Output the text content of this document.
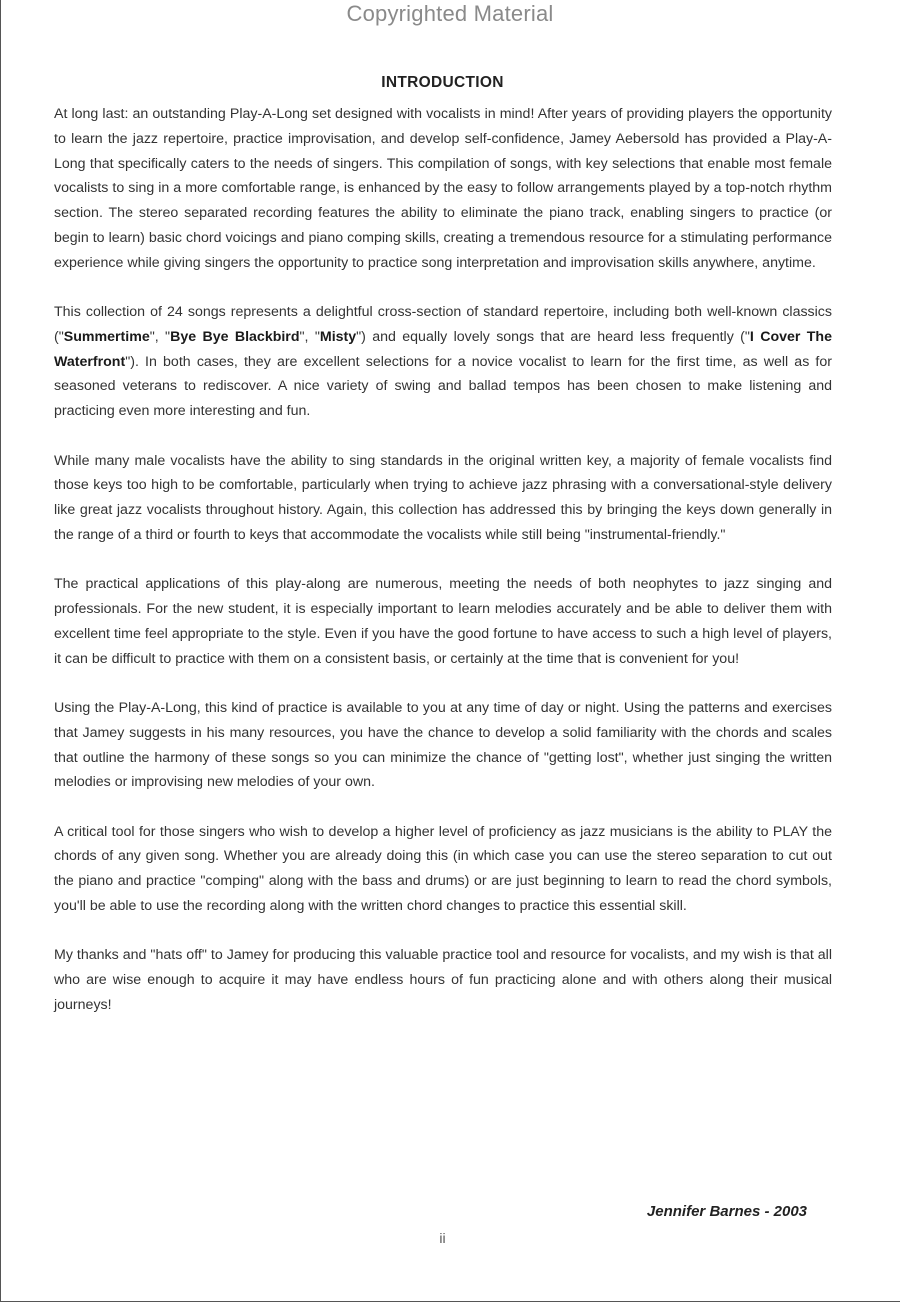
Copyrighted Material
INTRODUCTION

At long last: an outstanding Play-A-Long set designed with vocalists in mind! After years of providing players the opportunity to learn the jazz repertoire, practice improvisation, and develop self-confidence, Jamey Aebersold has provided a Play-A-Long that specifically caters to the needs of singers. This compilation of songs, with key selections that enable most female vocalists to sing in a more comfortable range, is enhanced by the easy to follow arrangements played by a top-notch rhythm section. The stereo separated recording features the ability to eliminate the piano track, enabling singers to practice (or begin to learn) basic chord voicings and piano comping skills, creating a tremendous resource for a stimulating performance experience while giving singers the opportunity to practice song interpretation and improvisation skills anywhere, anytime.

This collection of 24 songs represents a delightful cross-section of standard repertoire, including both well-known classics ("Summertime", "Bye Bye Blackbird", "Misty") and equally lovely songs that are heard less frequently ("I Cover The Waterfront"). In both cases, they are excellent selections for a novice vocalist to learn for the first time, as well as for seasoned veterans to rediscover. A nice variety of swing and ballad tempos has been chosen to make listening and practicing even more interesting and fun.

While many male vocalists have the ability to sing standards in the original written key, a majority of female vocalists find those keys too high to be comfortable, particularly when trying to achieve jazz phrasing with a conversational-style delivery like great jazz vocalists throughout history. Again, this collection has addressed this by bringing the keys down generally in the range of a third or fourth to keys that accommodate the vocalists while still being "instrumental-friendly."

The practical applications of this play-along are numerous, meeting the needs of both neophytes to jazz singing and professionals. For the new student, it is especially important to learn melodies accurately and be able to deliver them with excellent time feel appropriate to the style. Even if you have the good fortune to have access to such a high level of players, it can be difficult to practice with them on a consistent basis, or certainly at the time that is convenient for you!

Using the Play-A-Long, this kind of practice is available to you at any time of day or night. Using the patterns and exercises that Jamey suggests in his many resources, you have the chance to develop a solid familiarity with the chords and scales that outline the harmony of these songs so you can minimize the chance of "getting lost", whether just singing the written melodies or improvising new melodies of your own.

A critical tool for those singers who wish to develop a higher level of proficiency as jazz musicians is the ability to PLAY the chords of any given song. Whether you are already doing this (in which case you can use the stereo separation to cut out the piano and practice "comping" along with the bass and drums) or are just beginning to learn to read the chord symbols, you'll be able to use the recording along with the written chord changes to practice this essential skill.

My thanks and "hats off" to Jamey for producing this valuable practice tool and resource for vocalists, and my wish is that all who are wise enough to acquire it may have endless hours of fun practicing alone and with others along their musical journeys!

Jennifer Barnes - 2003
ii
